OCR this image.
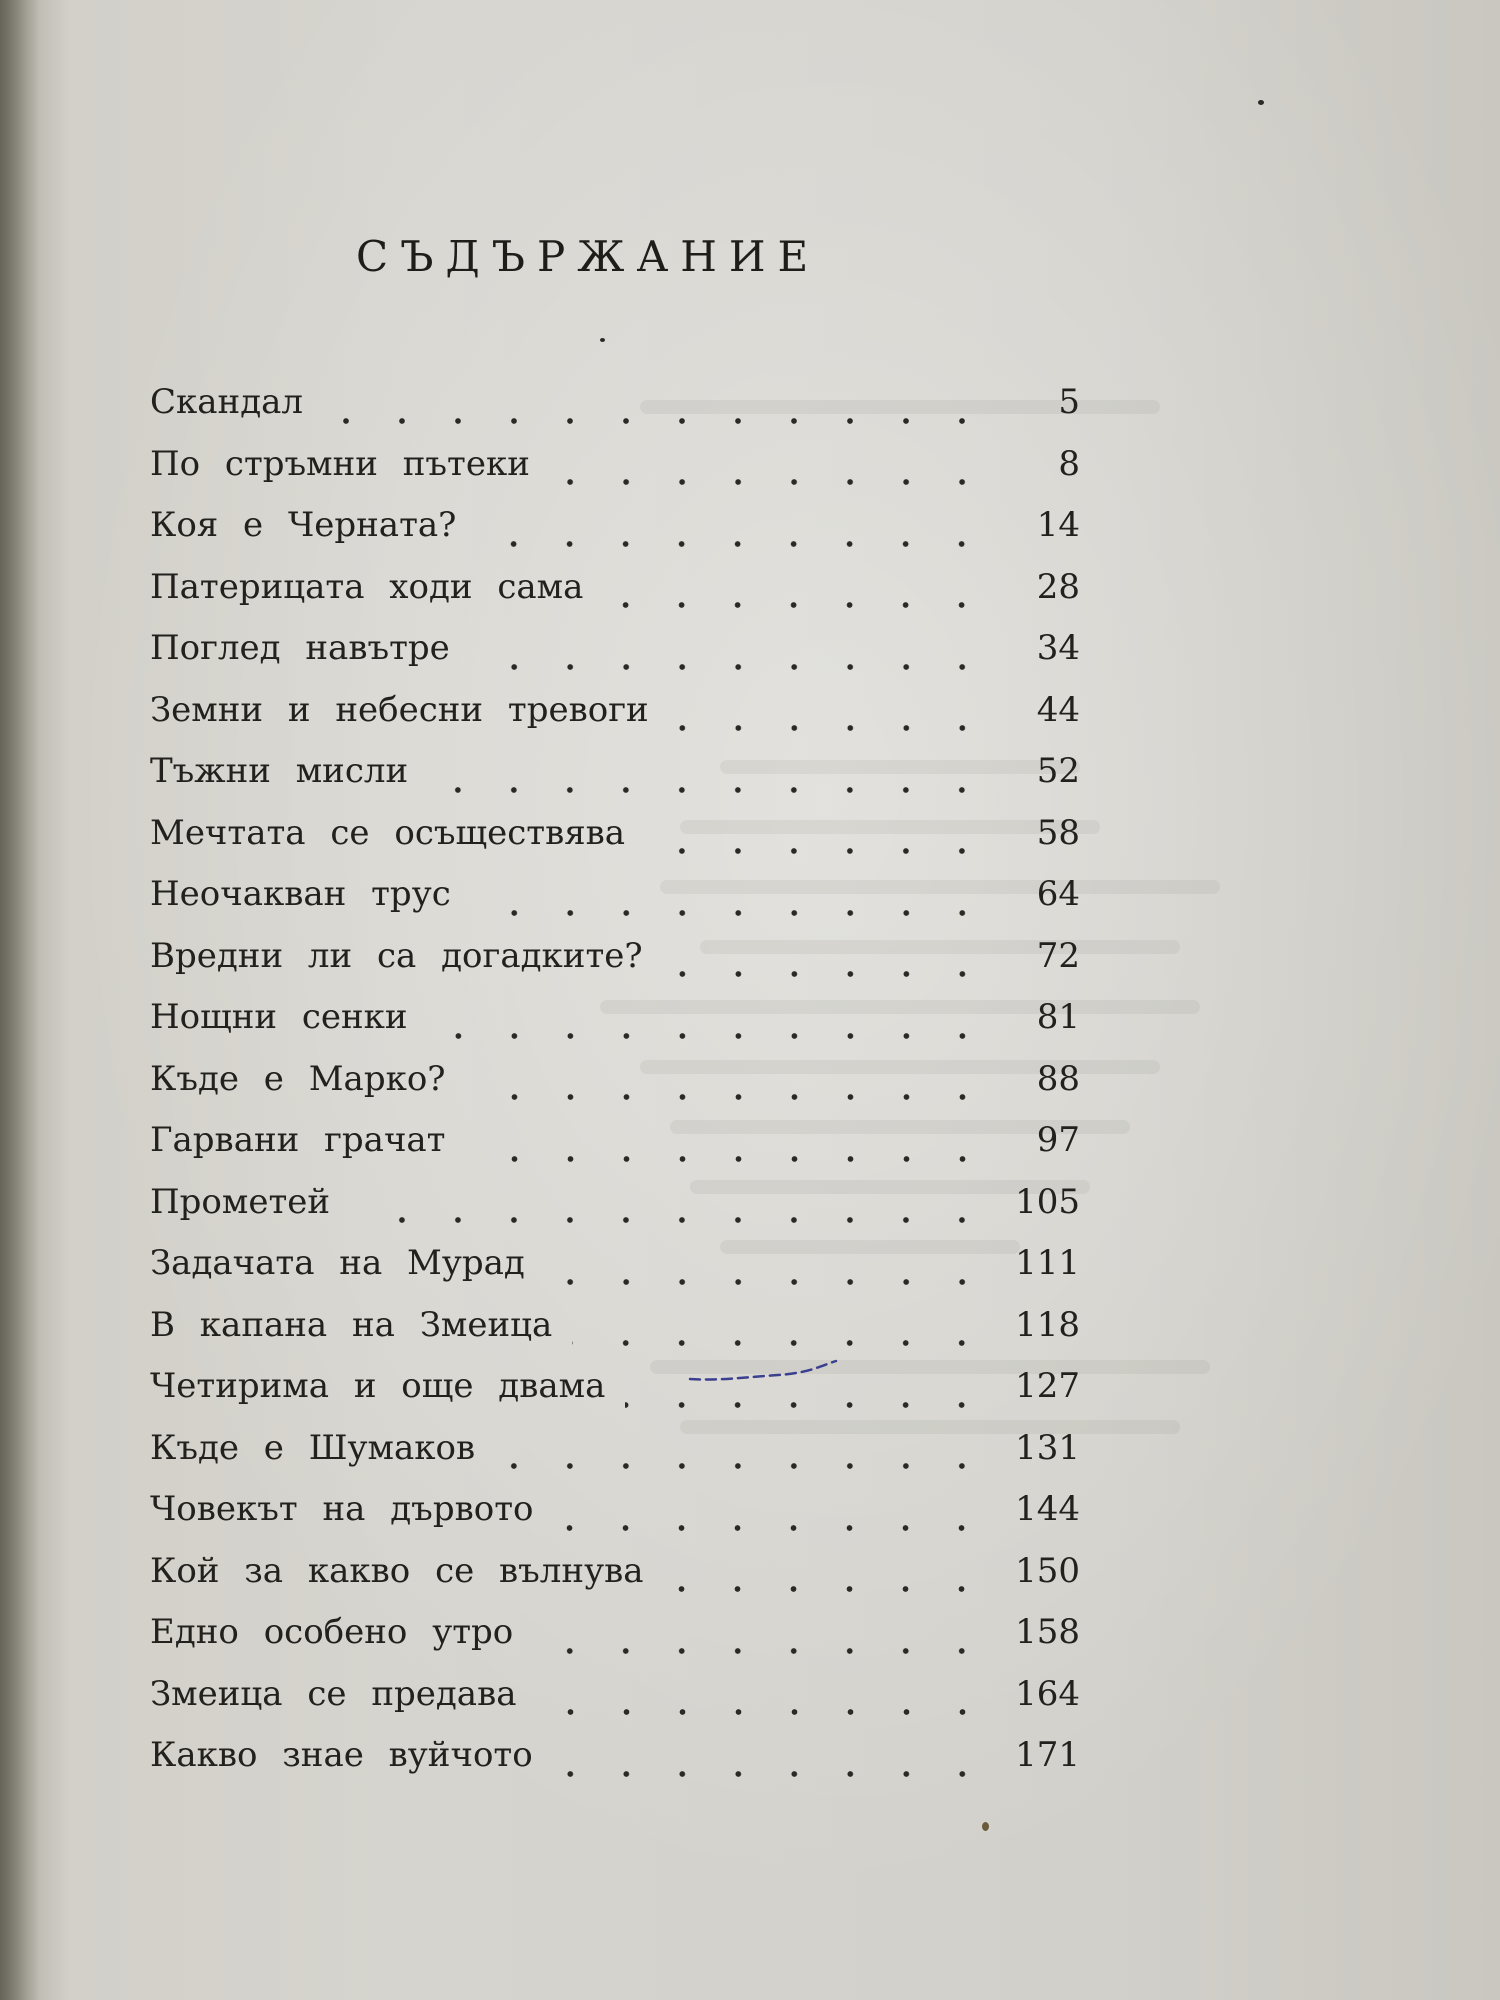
СЪДЪРЖАНИЕ
Скандал	5
По стръмни пътеки	8
Коя е Черната?	14
Патерицата ходи сама	28
Поглед навътре	34
Земни и небесни тревоги	44
Тъжни мисли	52
Мечтата се осъществява	58
Неочакван трус	64
Вредни ли са догадките?	72
Нощни сенки	81
Къде е Марко?	88
Гарвани грачат	97
Прометей	105
Задачата на Мурад	111
В капана на Змеица	118
Четирима и още двама	127
Къде е Шумаков	131
Човекът на дървото	144
Кой за какво се вълнува	150
Едно особено утро	158
Змеица се предава	164
Какво знае вуйчото	171
